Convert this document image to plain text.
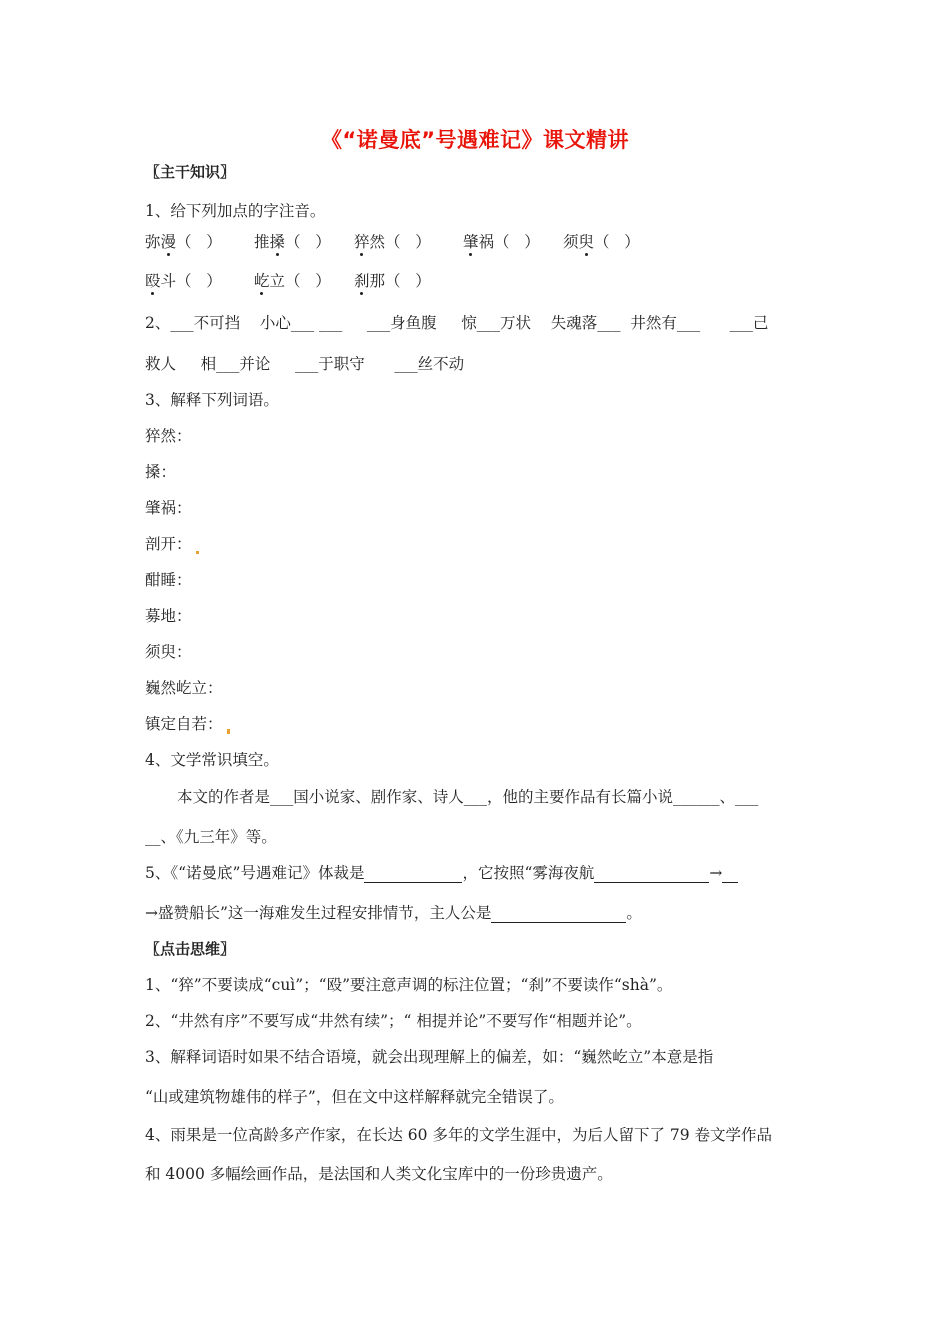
《“诺曼底”号遇难记》课文精讲
〖主干知识〗
1、给下列加点的字注音。
弥漫（   ） 推搡（   ） 猝然（   ） 肇祸（   ） 须臾（   ）
殴斗（   ） 屹立（   ） 刹那（   ）
2、___不可挡    小心___ ___     ___身鱼腹     惊___万状    失魂落___  井然有___      ___己
救人     相___并论     ___于职守      ___丝不动
3、解释下列词语。
猝然：
搡：
肇祸：
剖开：
酣睡：
募地：
须臾：
巍然屹立：
镇定自若：
4、文学常识填空。
本文的作者是___国小说家、剧作家、诗人___，他的主要作品有长篇小说______、___
__、《九三年》等。
5、《“诺曼底”号遇难记》体裁是	，它按照“雾海夜航	→
→盛赞船长”这一海难发生过程安排情节，主人公是	。
〖点击思维〗
1、“猝”不要读成“cuì”；“殴”要注意声调的标注位置；“刹”不要读作“shà”。
2、“井然有序”不要写成“井然有续”；“ 相提并论”不要写作“相题并论”。
3、解释词语时如果不结合语境，就会出现理解上的偏差，如：“巍然屹立”本意是指
“山或建筑物雄伟的样子”，但在文中这样解释就完全错误了。
4、雨果是一位高龄多产作家，在长达 60 多年的文学生涯中，为后人留下了 79 卷文学作品
和 4000 多幅绘画作品，是法国和人类文化宝库中的一份珍贵遗产。
